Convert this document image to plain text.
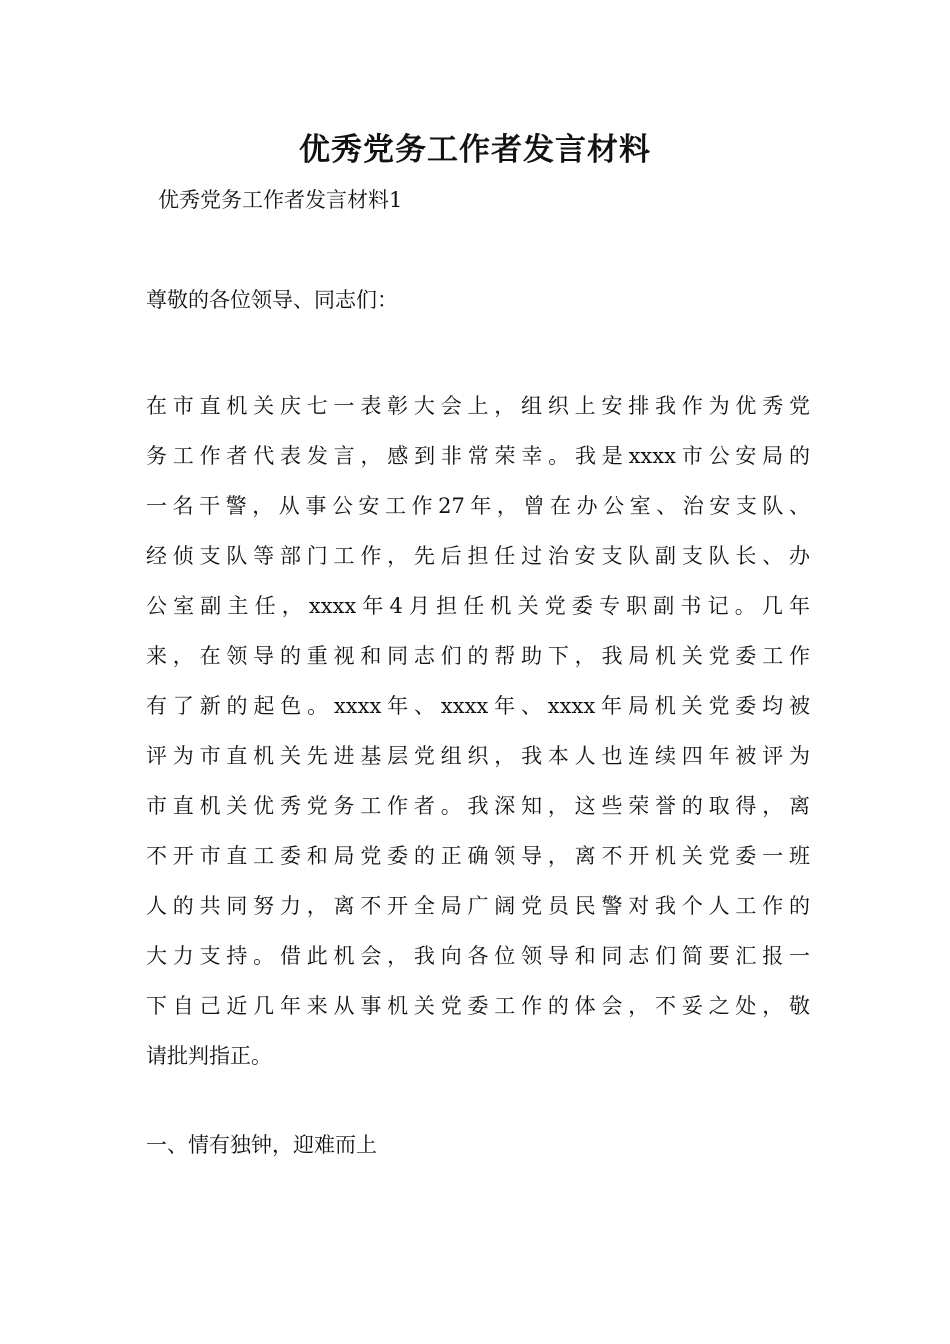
优秀党务工作者发言材料
优秀党务工作者发言材料1
尊敬的各位领导、同志们：
在市直机关庆七一表彰大会上，组织上安排我作为优秀党
务工作者代表发言，感到非常荣幸。我是xxxx市公安局的
一名干警，从事公安工作27年，曾在办公室、治安支队、
经侦支队等部门工作，先后担任过治安支队副支队长、办
公室副主任，xxxx年4月担任机关党委专职副书记。几年
来，在领导的重视和同志们的帮助下，我局机关党委工作
有了新的起色。xxxx年、xxxx年、xxxx年局机关党委均被
评为市直机关先进基层党组织，我本人也连续四年被评为
市直机关优秀党务工作者。我深知，这些荣誉的取得，离
不开市直工委和局党委的正确领导，离不开机关党委一班
人的共同努力，离不开全局广阔党员民警对我个人工作的
大力支持。借此机会，我向各位领导和同志们简要汇报一
下自己近几年来从事机关党委工作的体会，不妥之处，敬
请批判指正。
一、情有独钟，迎难而上
